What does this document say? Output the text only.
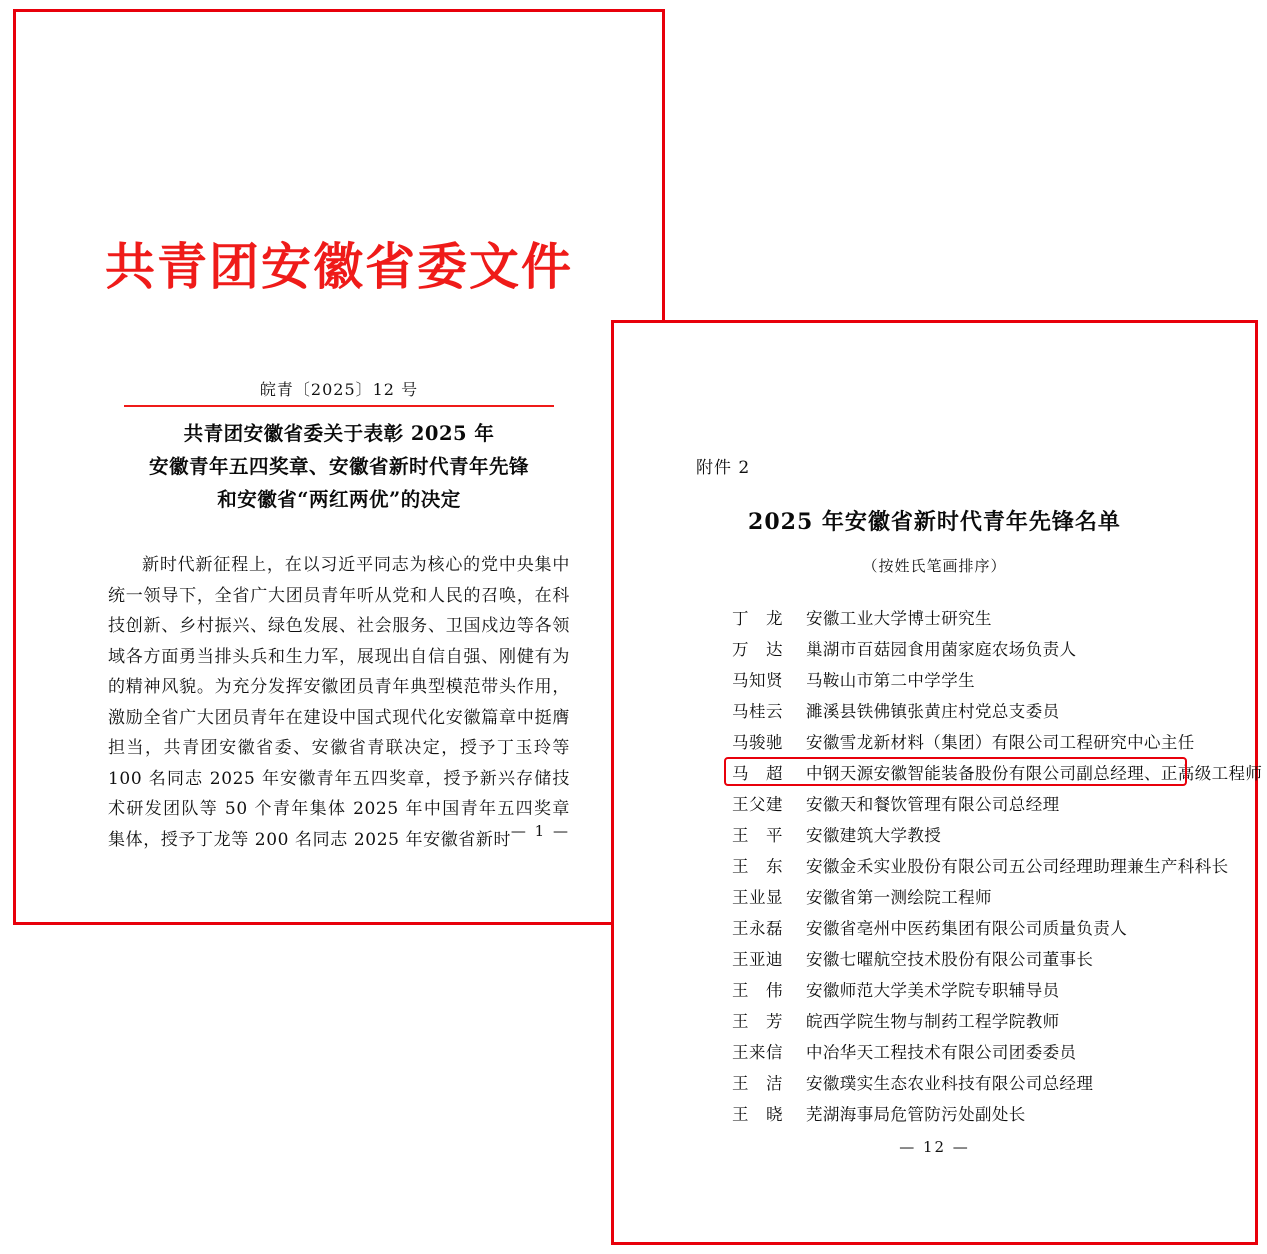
共青团安徽省委文件
皖青〔2025〕12 号
共青团安徽省委关于表彰 2025 年
安徽青年五四奖章、安徽省新时代青年先锋
和安徽省“两红两优”的决定
新时代新征程上，在以习近平同志为核心的党中央集中统一领导下，全省广大团员青年听从党和人民的召唤，在科技创新、乡村振兴、绿色发展、社会服务、卫国戍边等各领域各方面勇当排头兵和生力军，展现出自信自强、刚健有为的精神风貌。为充分发挥安徽团员青年典型模范带头作用，激励全省广大团员青年在建设中国式现代化安徽篇章中挺膺担当，共青团安徽省委、安徽省青联决定，授予丁玉玲等 100 名同志 2025 年安徽青年五四奖章，授予新兴存储技术研发团队等 50 个青年集体 2025 年中国青年五四奖章集体，授予丁龙等 200 名同志 2025 年安徽省新时 — 1 —
附件 2
2025 年安徽省新时代青年先锋名单
（按姓氏笔画排序）
丁　龙	安徽工业大学博士研究生
万　达	巢湖市百菇园食用菌家庭农场负责人
马知贤	马鞍山市第二中学学生
马桂云	濉溪县铁佛镇张黄庄村党总支委员
马骏驰	安徽雪龙新材料（集团）有限公司工程研究中心主任
马　超	中钢天源安徽智能装备股份有限公司副总经理、正高级工程师
王父建	安徽天和餐饮管理有限公司总经理
王　平	安徽建筑大学教授
王　东	安徽金禾实业股份有限公司五公司经理助理兼生产科科长
王业显	安徽省第一测绘院工程师
王永磊	安徽省亳州中医药集团有限公司质量负责人
王亚迪	安徽七曜航空技术股份有限公司董事长
王　伟	安徽师范大学美术学院专职辅导员
王　芳	皖西学院生物与制药工程学院教师
王来信	中冶华天工程技术有限公司团委委员
王　洁	安徽璞实生态农业科技有限公司总经理
王　晓	芜湖海事局危管防污处副处长
— 12 —
